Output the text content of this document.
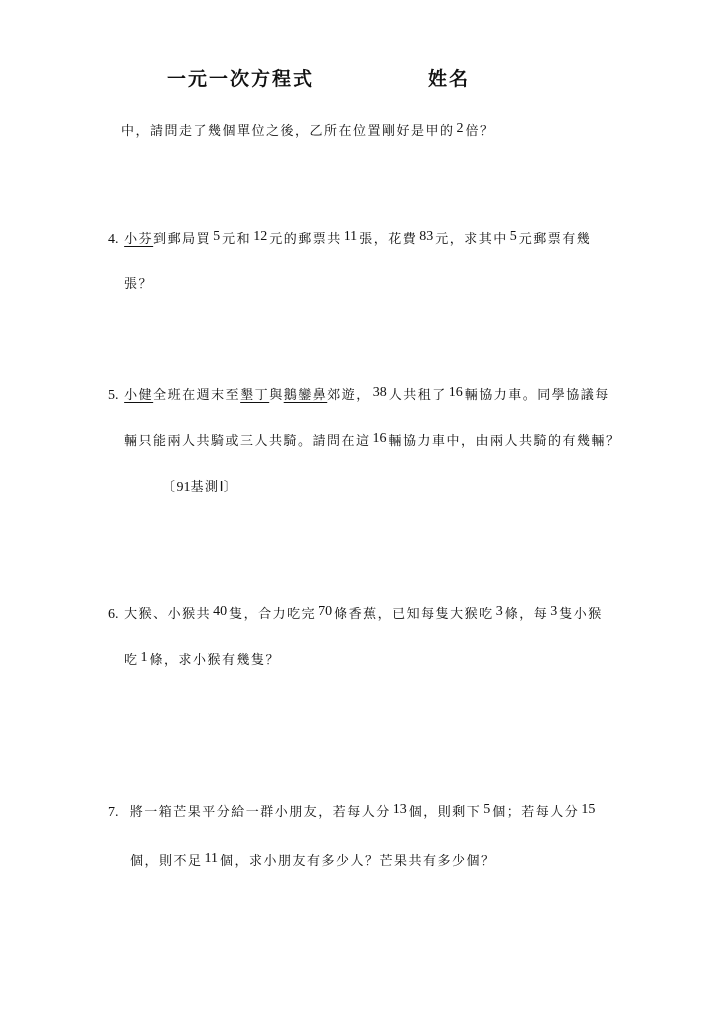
一元一次方程式	姓名
中，請問走了幾個單位之後，乙所在位置剛好是甲的 2 倍？
4. 小芬到郵局買 5 元和 12 元的郵票共 11 張，花費 83 元，求其中 5 元郵票有幾
張？
5. 小健全班在週末至墾丁與鵝鑾鼻郊遊， 38 人共租了 16 輛協力車。同學協議每
輛只能兩人共騎或三人共騎。請問在這 16 輛協力車中，由兩人共騎的有幾輛？
〔91基測Ⅰ〕
6. 大猴、小猴共 40 隻，合力吃完 70 條香蕉，已知每隻大猴吃 3 條，每 3 隻小猴
吃 1 條，求小猴有幾隻？
7. 將一箱芒果平分給一群小朋友，若每人分 13 個，則剩下 5 個；若每人分 15
個，則不足 11 個，求小朋友有多少人？芒果共有多少個？
